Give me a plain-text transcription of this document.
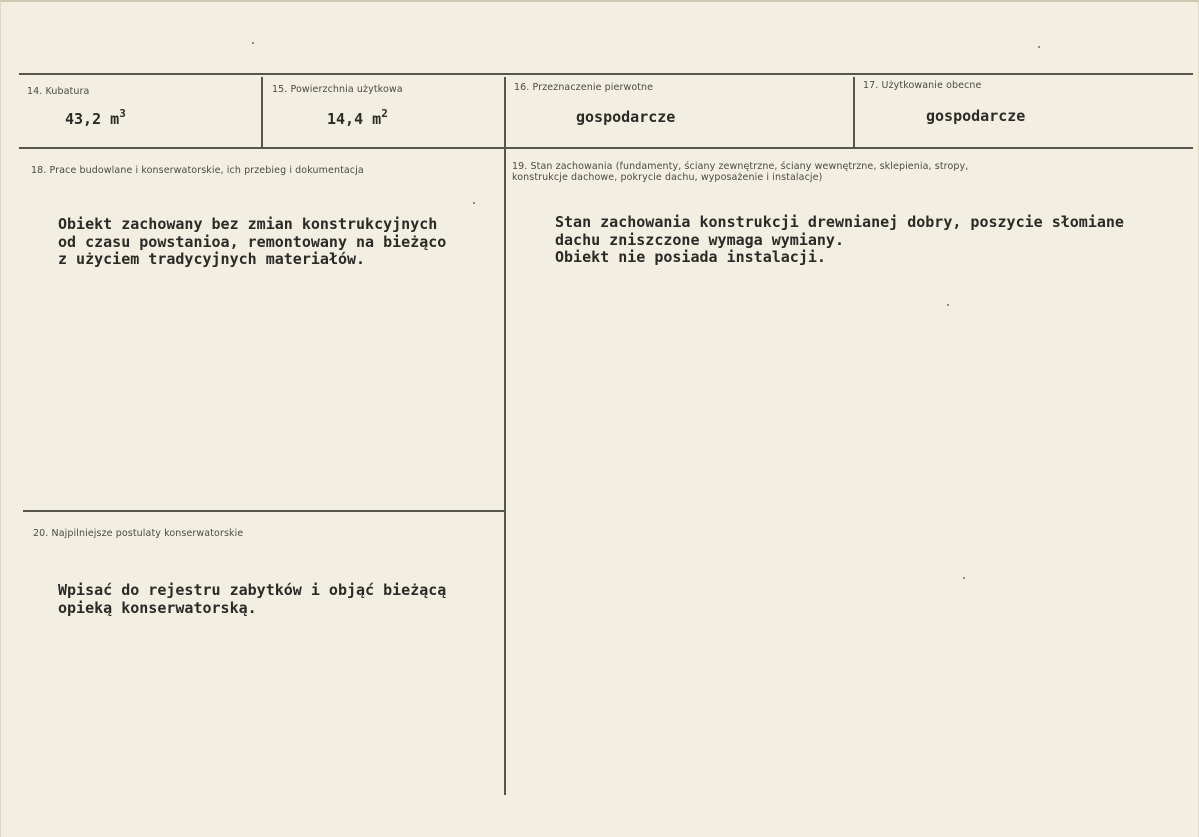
14. Kubatura
43,2 $m^3$
15. Powierzchnia użytkowa
14,4 $m^2$
16. Przeznaczenie pierwotne
gospodarcze
17. Użytkowanie obecne
gospodarcze
18. Prace budowlane i konserwatorskie, ich przebieg i dokumentacja
Obiekt zachowany bez zmian konstrukcyjnych
od czasu powstanioa, remontowany na bieżąco
z użyciem tradycyjnych materiałów.
19. Stan zachowania (fundamenty, ściany zewnętrzne, ściany wewnętrzne, sklepienia, stropy, konstrukcje dachowe, pokrycie dachu, wyposażenie i instalacje)
Stan zachowania konstrukcji drewnianej dobry, poszycie słomiane
dachu zniszczone wymaga wymiany.
Obiekt nie posiada instalacji.
20. Najpilniejsze postulaty konserwatorskie
Wpisać do rejestru zabytków i objąć bieżącą
opieką konserwatorską.
